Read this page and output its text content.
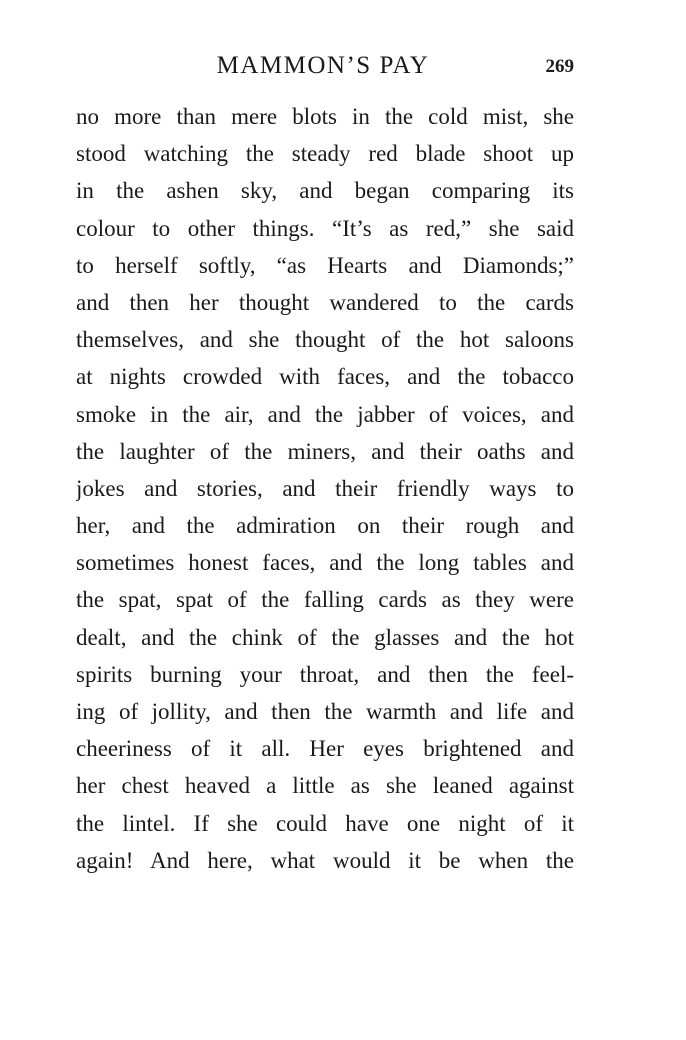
MAMMON’S PAY	269
no more than mere blots in the cold mist, she
stood watching the steady red blade shoot up
in the ashen sky, and began comparing its
colour to other things. “It’s as red,” she said
to herself softly, “as Hearts and Diamonds;”
and then her thought wandered to the cards
themselves, and she thought of the hot saloons
at nights crowded with faces, and the tobacco
smoke in the air, and the jabber of voices, and
the laughter of the miners, and their oaths and
jokes and stories, and their friendly ways to
her, and the admiration on their rough and
sometimes honest faces, and the long tables and
the spat, spat of the falling cards as they were
dealt, and the chink of the glasses and the hot
spirits burning your throat, and then the feel-
ing of jollity, and then the warmth and life and
cheeriness of it all. Her eyes brightened and
her chest heaved a little as she leaned against
the lintel. If she could have one night of it
again! And here, what would it be when the
